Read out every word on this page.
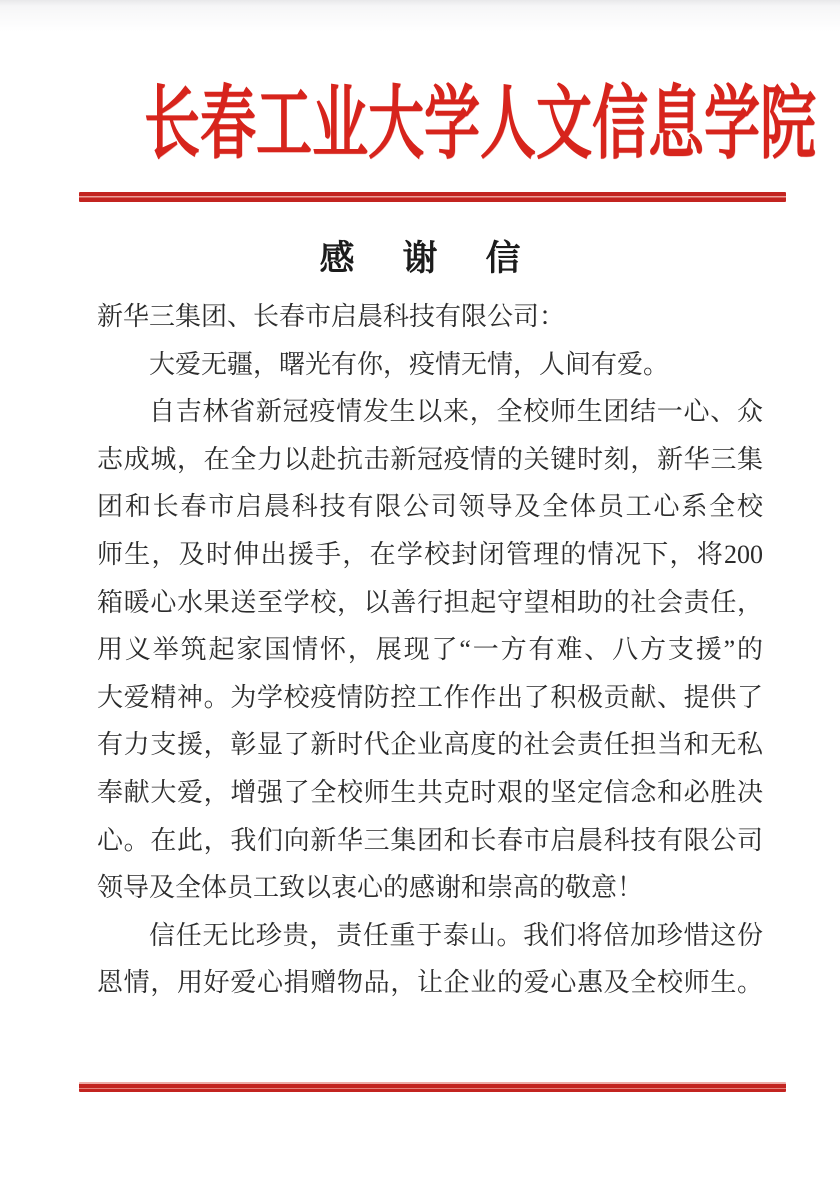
长春工业大学人文信息学院
感谢信

新华三集团、长春市启晨科技有限公司：

大爱无疆，曙光有你，疫情无情，人间有爱。

自吉林省新冠疫情发生以来，全校师生团结一心、众

志成城，在全力以赴抗击新冠疫情的关键时刻，新华三集

团和长春市启晨科技有限公司领导及全体员工心系全校

师生，及时伸出援手，在学校封闭管理的情况下，将200

箱暖心水果送至学校，以善行担起守望相助的社会责任，

用义举筑起家国情怀，展现了“一方有难、八方支援”的

大爱精神。为学校疫情防控工作作出了积极贡献、提供了

有力支援，彰显了新时代企业高度的社会责任担当和无私

奉献大爱，增强了全校师生共克时艰的坚定信念和必胜决

心。在此，我们向新华三集团和长春市启晨科技有限公司

领导及全体员工致以衷心的感谢和崇高的敬意！

信任无比珍贵，责任重于泰山。我们将倍加珍惜这份

恩情，用好爱心捐赠物品，让企业的爱心惠及全校师生。
